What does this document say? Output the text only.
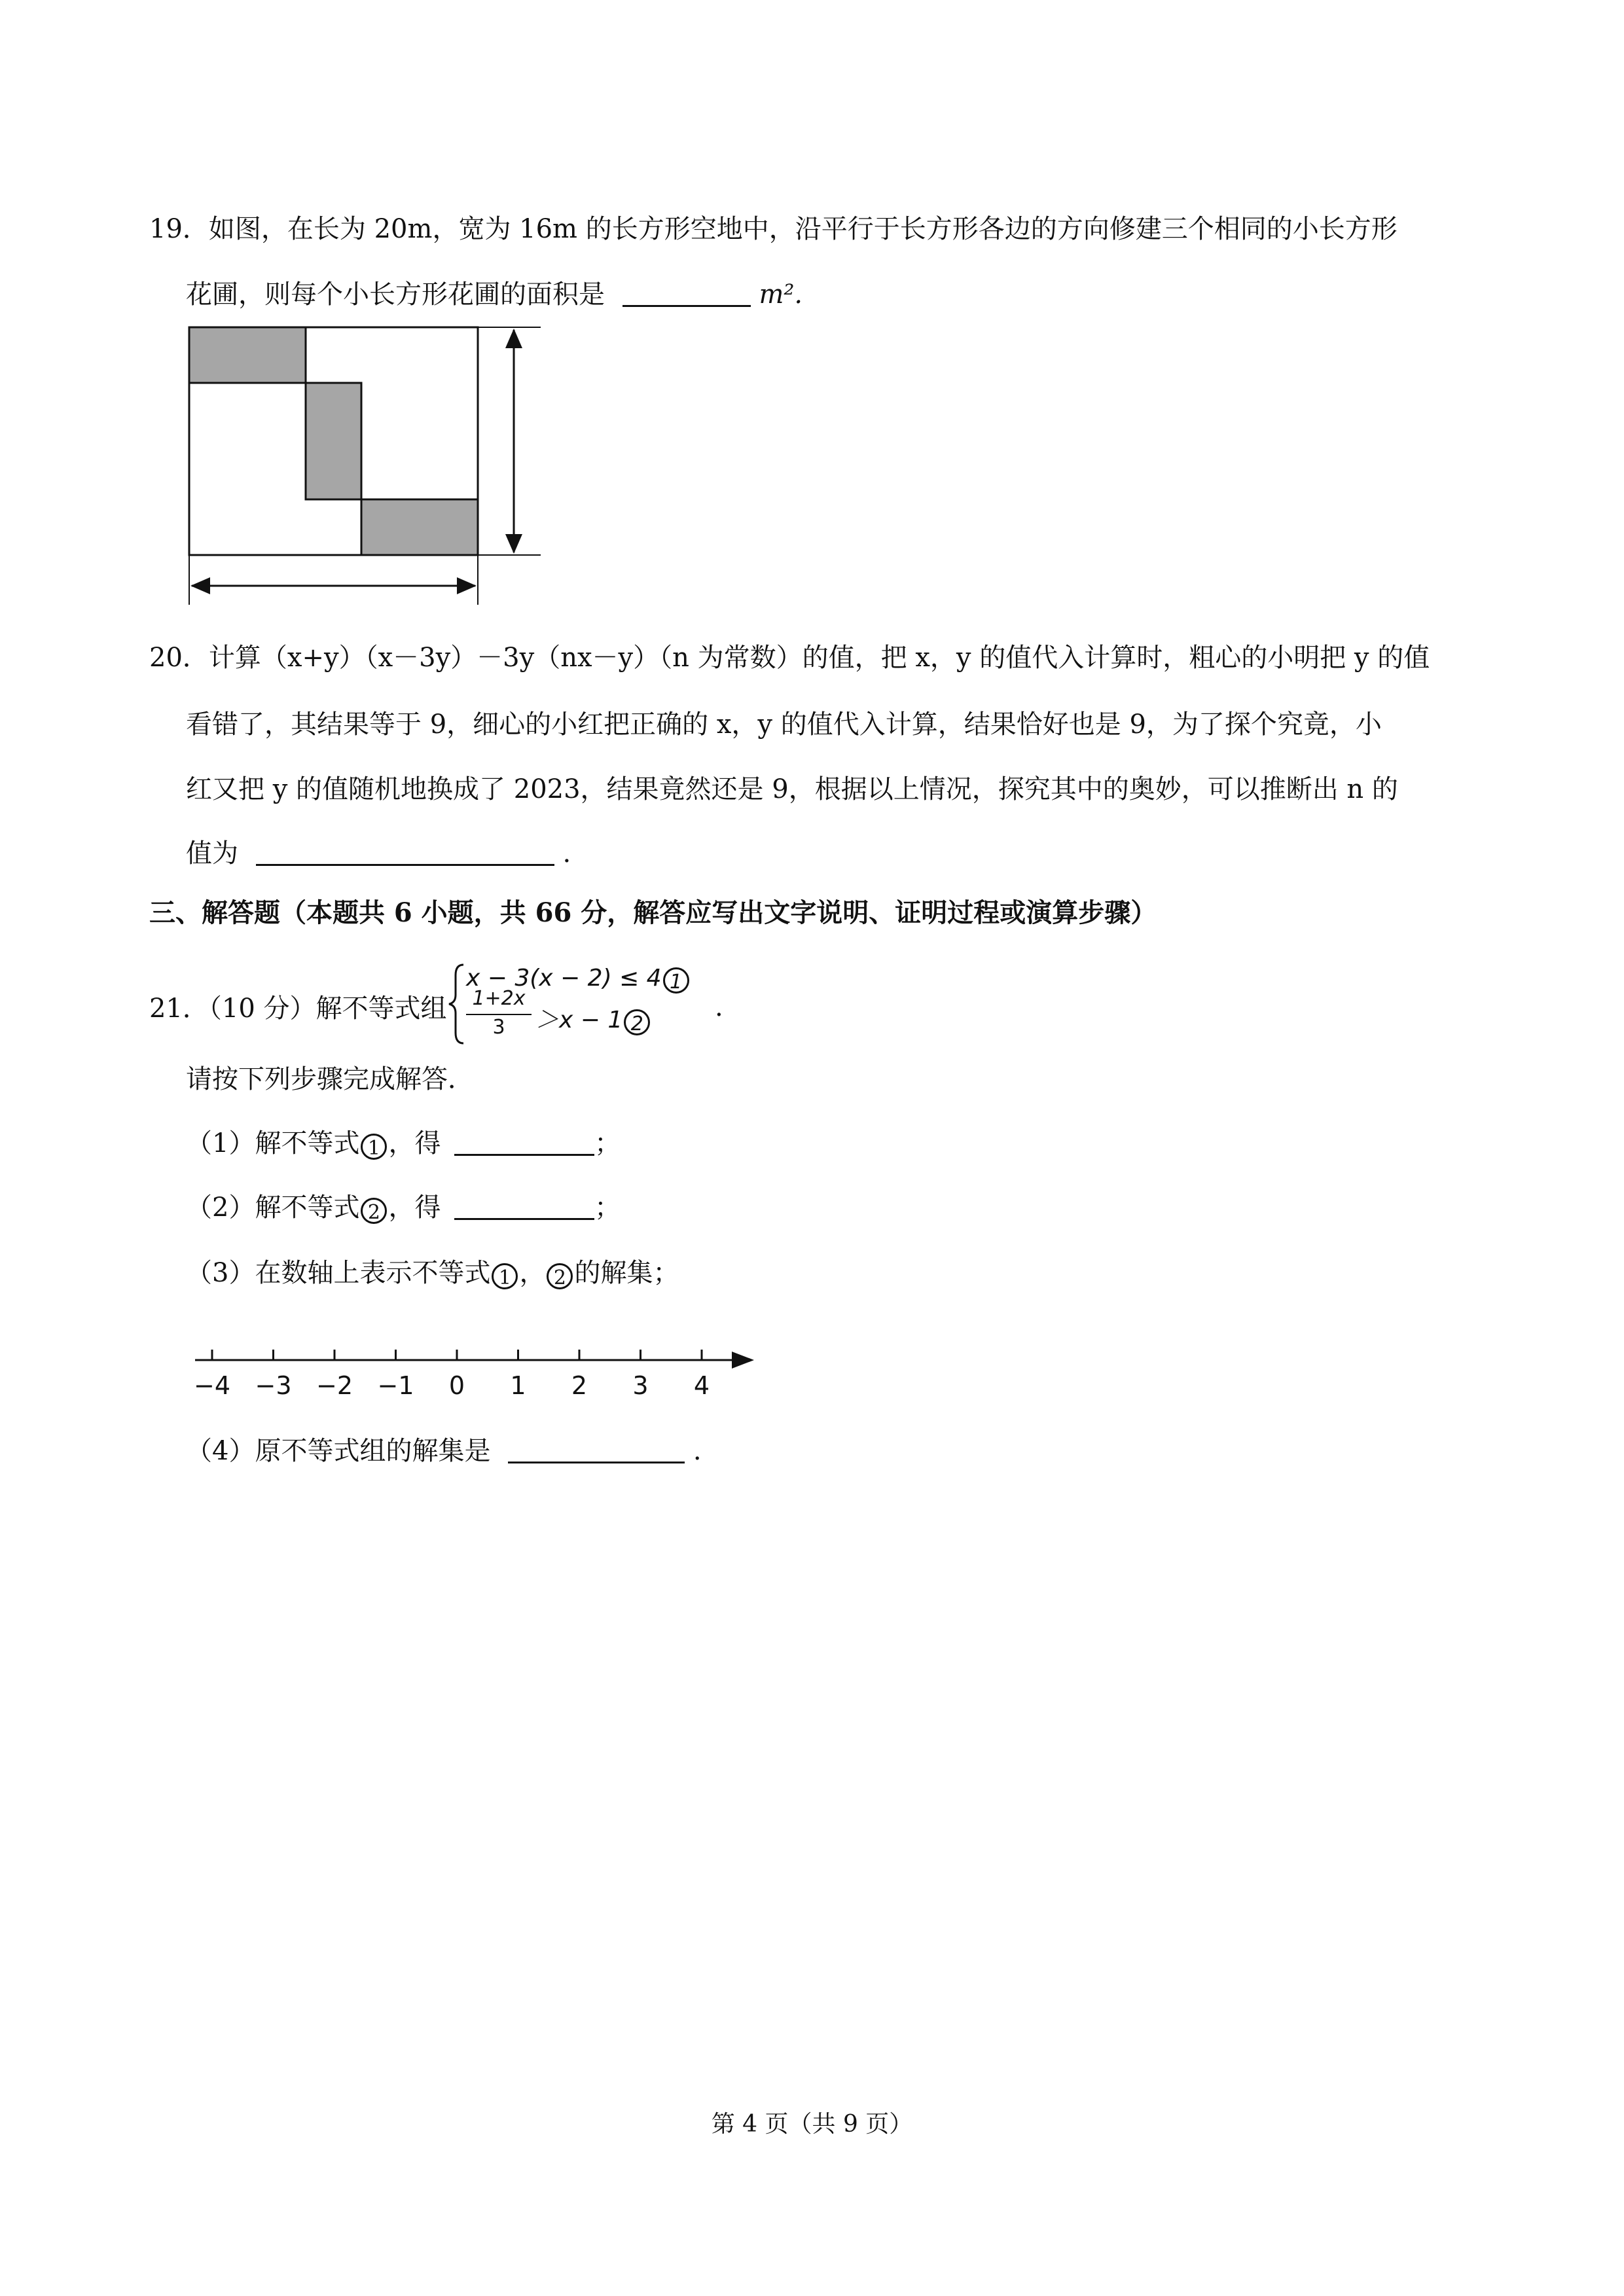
19．如图，在长为 20m，宽为 16m 的长方形空地中，沿平行于长方形各边的方向修建三个相同的小长方形
花圃，则每个小长方形花圃的面积是	m².
20．计算（x+y）（x－3y）－3y（nx－y）（n 为常数）的值，把 x，y 的值代入计算时，粗心的小明把 y 的值
看错了，其结果等于 9，细心的小红把正确的 x，y 的值代入计算，结果恰好也是 9，为了探个究竟，小
红又把 y 的值随机地换成了 2023，结果竟然还是 9，根据以上情况，探究其中的奥妙，可以推断出 n 的
值为	.
三、解答题（本题共 6 小题，共 66 分，解答应写出文字说明、证明过程或演算步骤）
21．（10 分）解不等式组
x − 3(x − 2) ≤ 4 1
1+2x
3	＞x − 1 2
.
请按下列步骤完成解答．
（1）解不等式 1 ，得	；
（2）解不等式 2 ，得	；
（3）在数轴上表示不等式 1 ， 2 的解集；
−4 −3 −2 −1	0	1	2	3	4
（4）原不等式组的解集是	.
第 4 页（共 9 页）
